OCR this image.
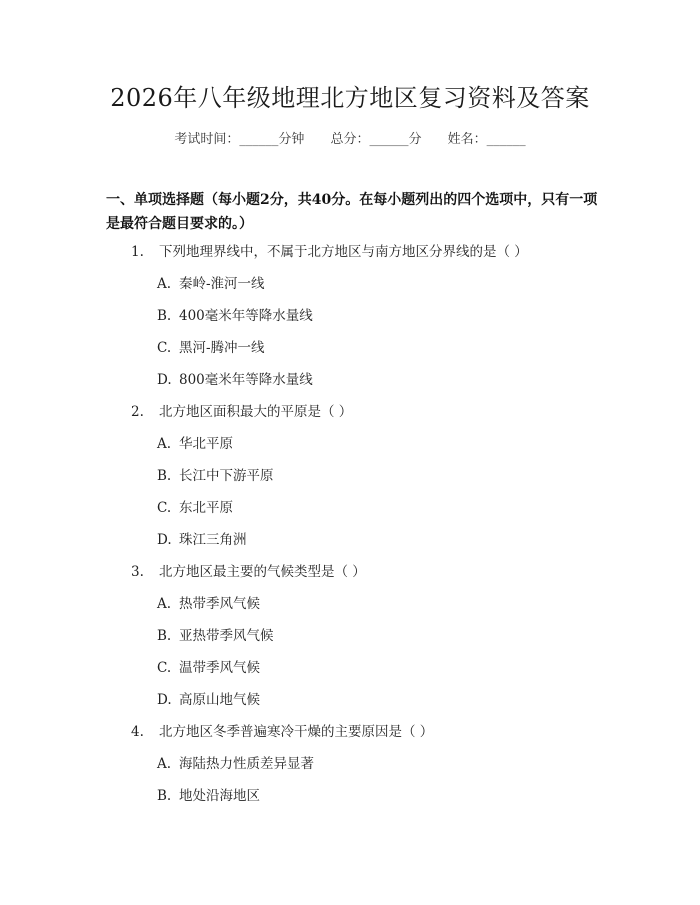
2026年八年级地理北方地区复习资料及答案
考试时间：______分钟 总分：______分 姓名：______
一、单项选择题（每小题2分，共40分。在每小题列出的四个选项中，只有一项是最符合题目要求的。）
1. 下列地理界线中，不属于北方地区与南方地区分界线的是（ ）
A. 秦岭-淮河一线
B. 400毫米年等降水量线
C. 黑河-腾冲一线
D. 800毫米年等降水量线
2. 北方地区面积最大的平原是（ ）
A. 华北平原
B. 长江中下游平原
C. 东北平原
D. 珠江三角洲
3. 北方地区最主要的气候类型是（ ）
A. 热带季风气候
B. 亚热带季风气候
C. 温带季风气候
D. 高原山地气候
4. 北方地区冬季普遍寒冷干燥的主要原因是（ ）
A. 海陆热力性质差异显著
B. 地处沿海地区
